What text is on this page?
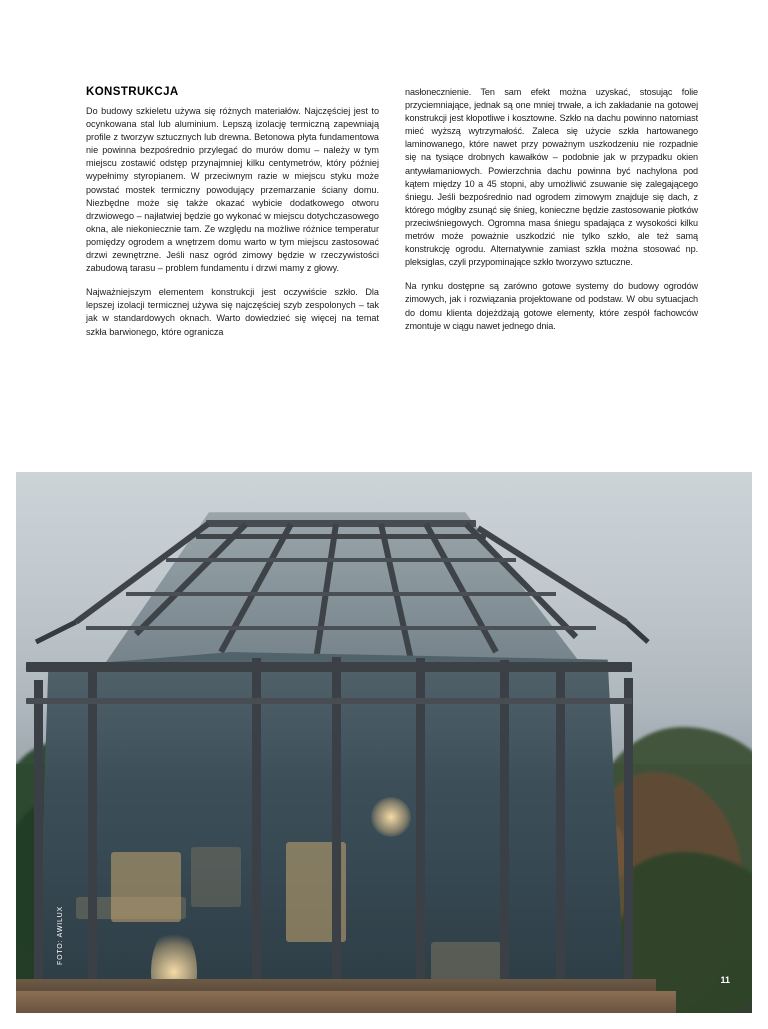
KONSTRUKCJA

Do budowy szkieletu używa się różnych materiałów. Najczęściej jest to ocynkowana stal lub aluminium. Lepszą izolację termiczną zapewniają profile z tworzyw sztucznych lub drewna. Betonowa płyta fundamentowa nie powinna bezpośrednio przylegać do murów domu – należy w tym miejscu zostawić odstęp przynajmniej kilku centymetrów, który później wypełnimy styropianem. W przeciwnym razie w miejscu styku może powstać mostek termiczny powodujący przemarzanie ściany domu. Niezbędne może się także okazać wybicie dodatkowego otworu drzwiowego – najłatwiej będzie go wykonać w miejscu dotychczasowego okna, ale niekoniecznie tam. Ze względu na możliwe różnice temperatur pomiędzy ogrodem a wnętrzem domu warto w tym miejscu zastosować drzwi zewnętrzne. Jeśli nasz ogród zimowy będzie w rzeczywistości zabudową tarasu – problem fundamentu i drzwi mamy z głowy.

Najważniejszym elementem konstrukcji jest oczywiście szkło. Dla lepszej izolacji termicznej używa się najczęściej szyb zespolonych – tak jak w standardowych oknach. Warto dowiedzieć się więcej na temat szkła barwionego, które ogranicza

nasłonecznienie. Ten sam efekt można uzyskać, stosując folie przyciemniające, jednak są one mniej trwałe, a ich zakładanie na gotowej konstrukcji jest kłopotliwe i kosztowne. Szkło na dachu powinno natomiast mieć wyższą wytrzymałość. Zaleca się użycie szkła hartowanego laminowanego, które nawet przy poważnym uszkodzeniu nie rozpadnie się na tysiące drobnych kawałków – podobnie jak w przypadku okien antywłamaniowych. Powierzchnia dachu powinna być nachylona pod kątem między 10 a 45 stopni, aby umożliwić zsuwanie się zalegającego śniegu. Jeśli bezpośrednio nad ogrodem zimowym znajduje się dach, z którego mógłby zsunąć się śnieg, konieczne będzie zastosowanie płotków przeciwśniegowych. Ogromna masa śniegu spadająca z wysokości kilku metrów może poważnie uszkodzić nie tylko szkło, ale też samą konstrukcję ogrodu. Alternatywnie zamiast szkła można stosować np. pleksiglas, czyli przypominające szkło tworzywo sztuczne.

Na rynku dostępne są zarówno gotowe systemy do budowy ogrodów zimowych, jak i rozwiązania projektowane od podstaw. W obu sytuacjach do domu klienta dojeżdżają gotowe elementy, które zespół fachowców zmontuje w ciągu nawet jednego dnia.

FOTO: AWILUX
11
